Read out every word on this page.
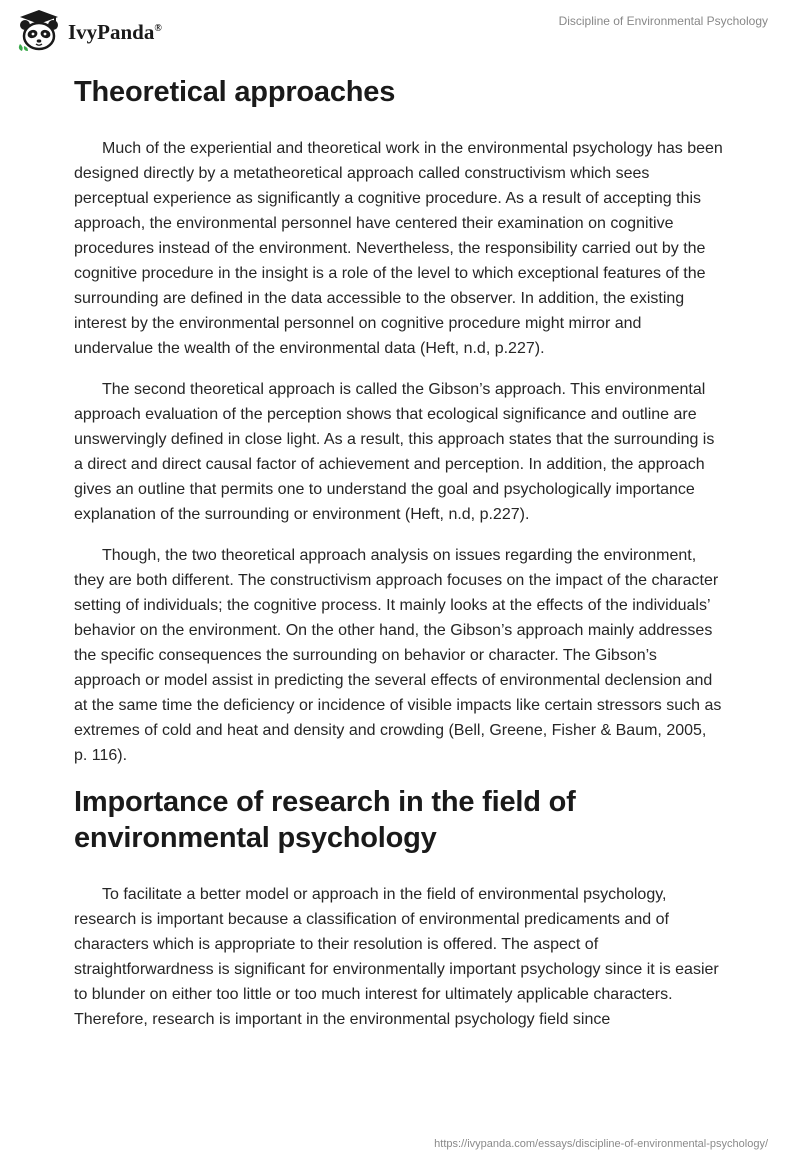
IvyPanda®	Discipline of Environmental Psychology
Theoretical approaches

Much of the experiential and theoretical work in the environmental psychology has been designed directly by a metatheoretical approach called constructivism which sees perceptual experience as significantly a cognitive procedure. As a result of accepting this approach, the environmental personnel have centered their examination on cognitive procedures instead of the environment. Nevertheless, the responsibility carried out by the cognitive procedure in the insight is a role of the level to which exceptional features of the surrounding are defined in the data accessible to the observer. In addition, the existing interest by the environmental personnel on cognitive procedure might mirror and undervalue the wealth of the environmental data (Heft, n.d, p.227).

The second theoretical approach is called the Gibson’s approach. This environmental approach evaluation of the perception shows that ecological significance and outline are unswervingly defined in close light. As a result, this approach states that the surrounding is a direct and direct causal factor of achievement and perception. In addition, the approach gives an outline that permits one to understand the goal and psychologically importance explanation of the surrounding or environment (Heft, n.d, p.227).

Though, the two theoretical approach analysis on issues regarding the environment, they are both different. The constructivism approach focuses on the impact of the character setting of individuals; the cognitive process. It mainly looks at the effects of the individuals’ behavior on the environment. On the other hand, the Gibson’s approach mainly addresses the specific consequences the surrounding on behavior or character. The Gibson’s approach or model assist in predicting the several effects of environmental declension and at the same time the deficiency or incidence of visible impacts like certain stressors such as extremes of cold and heat and density and crowding (Bell, Greene, Fisher & Baum, 2005, p. 116).

Importance of research in the field of environmental psychology

To facilitate a better model or approach in the field of environmental psychology, research is important because a classification of environmental predicaments and of characters which is appropriate to their resolution is offered. The aspect of straightforwardness is significant for environmentally important psychology since it is easier to blunder on either too little or too much interest for ultimately applicable characters. Therefore, research is important in the environmental psychology field since

https://ivypanda.com/essays/discipline-of-environmental-psychology/
